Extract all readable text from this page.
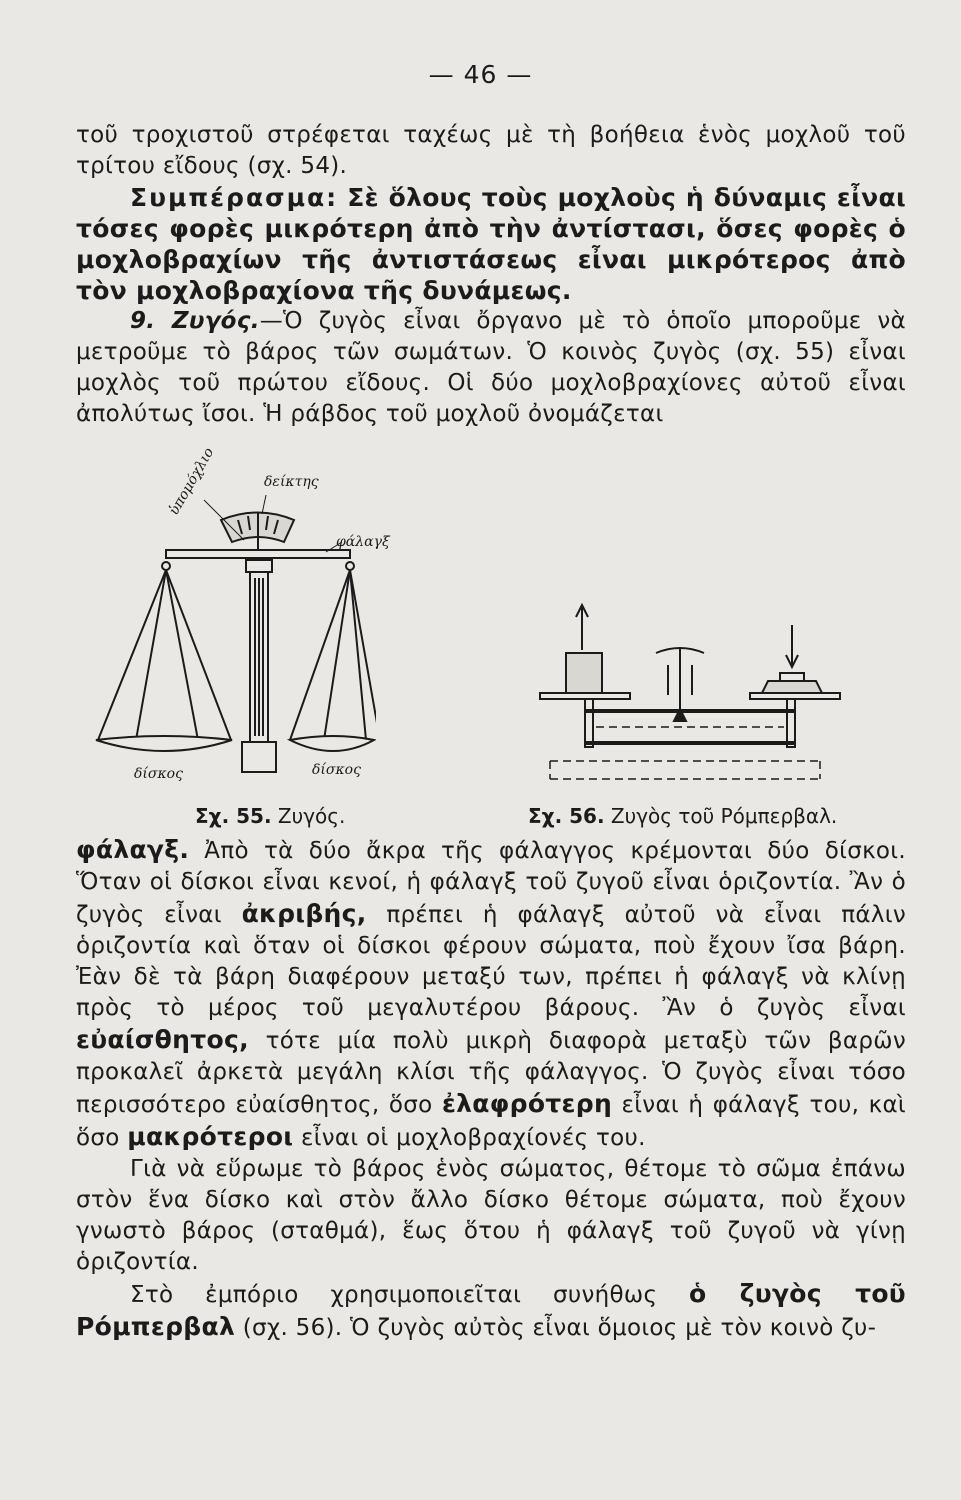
— 46 —

τοῦ τροχιστοῦ στρέφεται ταχέως μὲ τὴ βοήθεια ἑνὸς μοχλοῦ τοῦ τρίτου εἴδους (σχ. 54).

Συμπέρασμα: Σὲ ὅλους τοὺς μοχλοὺς ἡ δύναμις εἶναι τόσες φορὲς μικρότερη ἀπὸ τὴν ἀντίστασι, ὅσες φορὲς ὁ μοχλοβραχίων τῆς ἀντιστάσεως εἶναι μικρότερος ἀπὸ τὸν μοχλοβραχίονα τῆς δυνάμεως.

9. Ζυγός.—Ὁ ζυγὸς εἶναι ὄργανο μὲ τὸ ὁποῖο μποροῦμε νὰ μετροῦμε τὸ βάρος τῶν σωμάτων. Ὁ κοινὸς ζυγὸς (σχ. 55) εἶναι μοχλὸς τοῦ πρώτου εἴδους. Οἱ δύο μοχλοβραχίονες αὐτοῦ εἶναι ἀπολύτως ἴσοι. Ἡ ράβδος τοῦ μοχλοῦ ὀνομάζεται

δείκτης
ὑπομόχλιο
φάλαγξ
δίσκος	δίσκος
Σχ. 55. Ζυγός.	Σχ. 56. Ζυγὸς τοῦ Ρόμπερβαλ.

φάλαγξ. Ἀπὸ τὰ δύο ἄκρα τῆς φάλαγγος κρέμονται δύο δίσκοι. Ὅταν οἱ δίσκοι εἶναι κενοί, ἡ φάλαγξ τοῦ ζυγοῦ εἶναι ὁριζοντία. Ἂν ὁ ζυγὸς εἶναι ἀκριβής, πρέπει ἡ φάλαγξ αὐτοῦ νὰ εἶναι πάλιν ὁριζοντία καὶ ὅταν οἱ δίσκοι φέρουν σώματα, ποὺ ἔχουν ἴσα βάρη. Ἐὰν δὲ τὰ βάρη διαφέρουν μεταξύ των, πρέπει ἡ φάλαγξ νὰ κλίνῃ πρὸς τὸ μέρος τοῦ μεγαλυτέρου βάρους. Ἂν ὁ ζυγὸς εἶναι εὐαίσθητος, τότε μία πολὺ μικρὴ διαφορὰ μεταξὺ τῶν βαρῶν προκαλεῖ ἀρκετὰ μεγάλη κλίσι τῆς φάλαγγος. Ὁ ζυγὸς εἶναι τόσο περισσότερο εὐαίσθητος, ὅσο ἐλαφρότερη εἶναι ἡ φάλαγξ του, καὶ ὅσο μακρότεροι εἶναι οἱ μοχλοβραχίονές του.

Γιὰ νὰ εὕρωμε τὸ βάρος ἑνὸς σώματος, θέτομε τὸ σῶμα ἐπάνω στὸν ἕνα δίσκο καὶ στὸν ἄλλο δίσκο θέτομε σώματα, ποὺ ἔχουν γνωστὸ βάρος (σταθμά), ἕως ὅτου ἡ φάλαγξ τοῦ ζυγοῦ νὰ γίνῃ ὁριζοντία.

Στὸ ἐμπόριο χρησιμοποιεῖται συνήθως ὁ ζυγὸς τοῦ Ρόμπερβαλ (σχ. 56). Ὁ ζυγὸς αὐτὸς εἶναι ὅμοιος μὲ τὸν κοινὸ ζυ-
